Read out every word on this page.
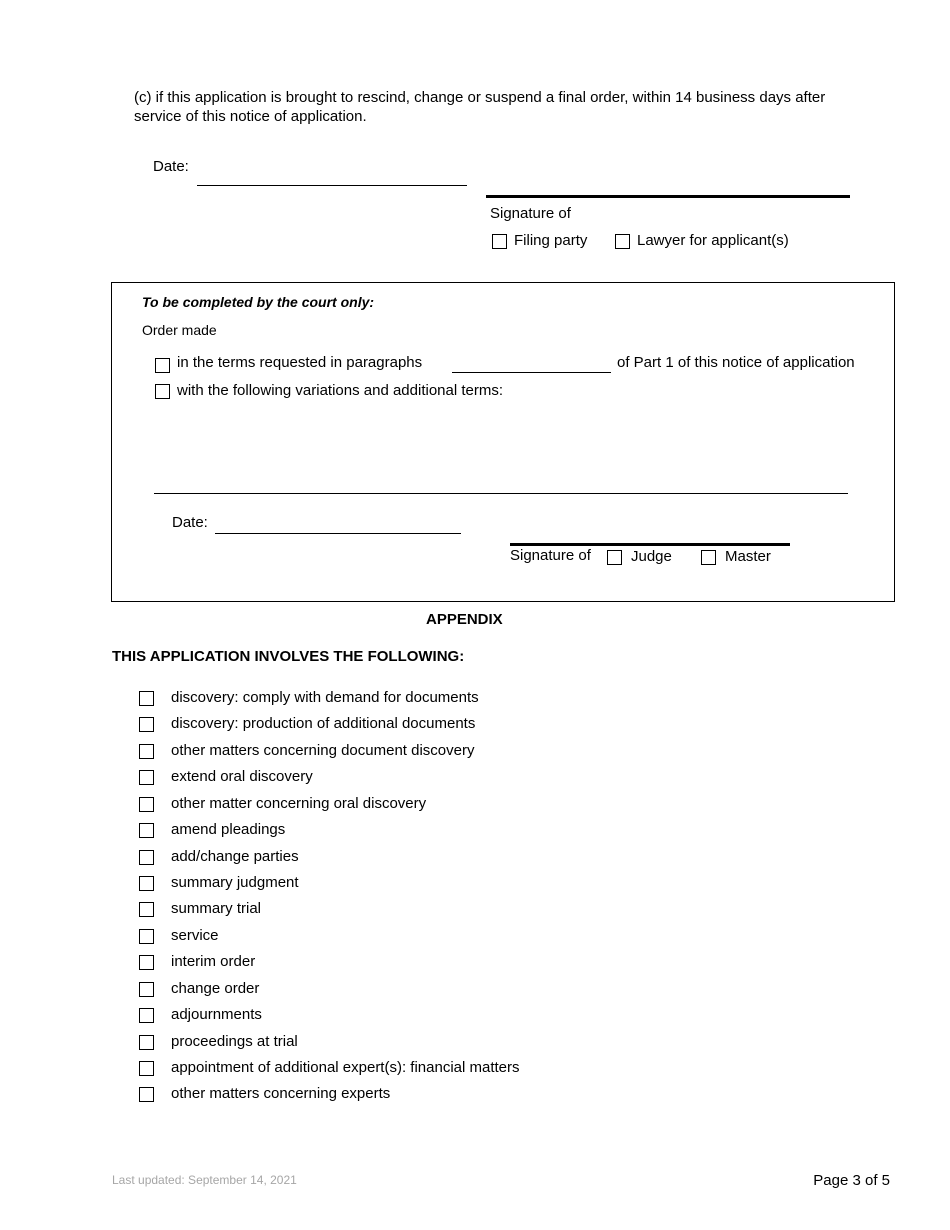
(c) if this application is brought to rescind, change or suspend a final order, within 14 business days after service of this notice of application.
Date:
Signature of
Filing party	Lawyer for applicant(s)
To be completed by the court only:
Order made
in the terms requested in paragraphs	of Part 1 of this notice of application
with the following variations and additional terms:
Date:
Signature of	Judge	Master
APPENDIX
THIS APPLICATION INVOLVES THE FOLLOWING:
discovery: comply with demand for documents
discovery: production of additional documents
other matters concerning document discovery
extend oral discovery
other matter concerning oral discovery
amend pleadings
add/change parties
summary judgment
summary trial
service
interim order
change order
adjournments
proceedings at trial
appointment of additional expert(s): financial matters
other matters concerning experts
Last updated: September 14, 2021	Page 3 of 5
